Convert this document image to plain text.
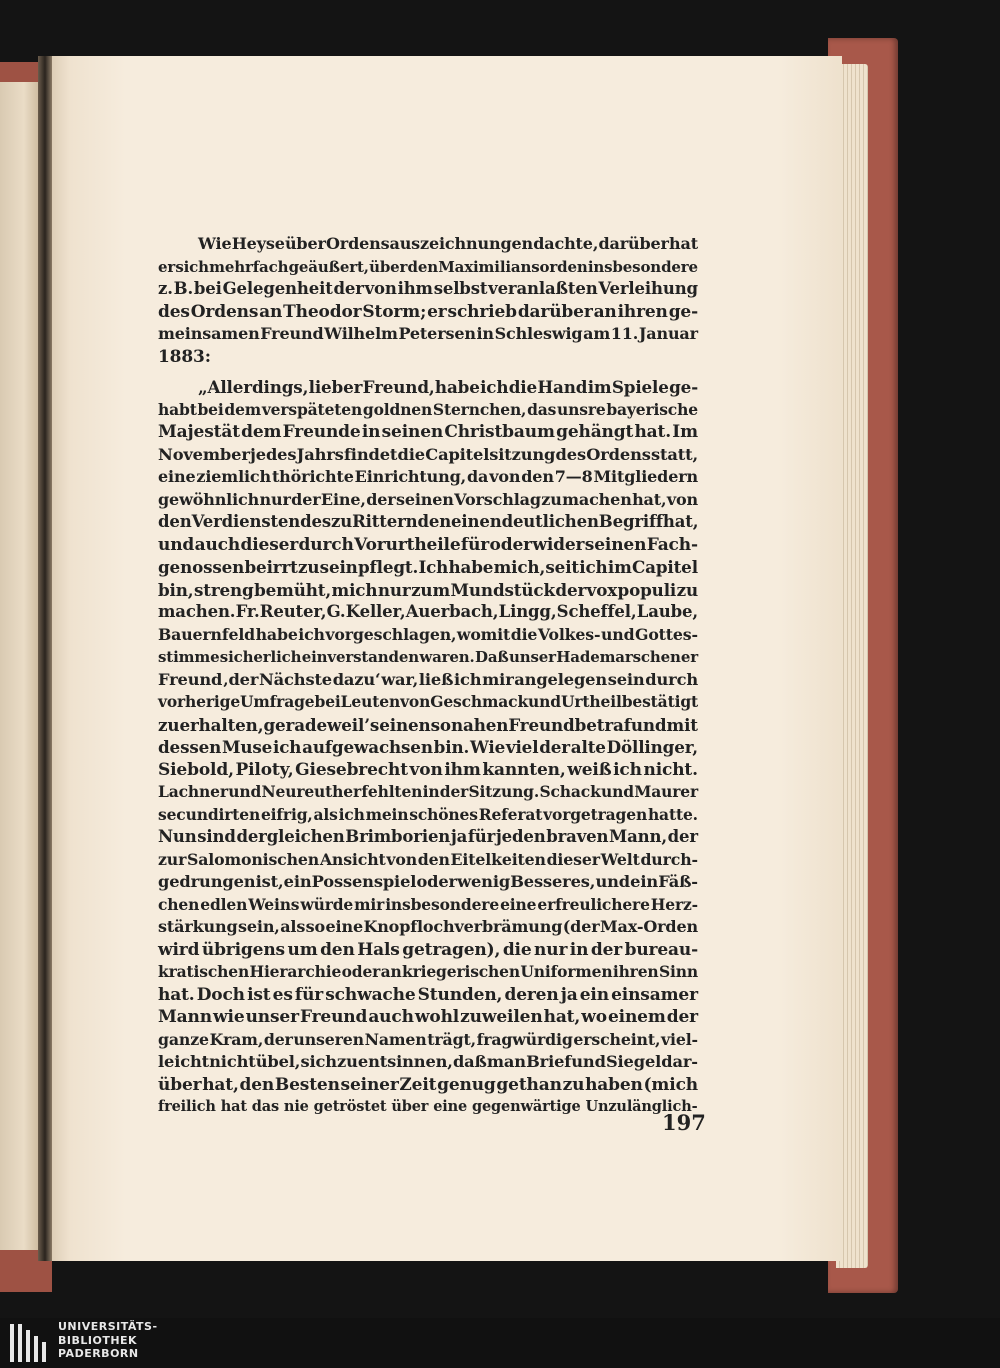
Wie Heyse über Ordensauszeichnungen dachte, darüber hat
er sich mehrfach geäußert, über den Maximiliansorden insbesondere
z. B. bei Gelegenheit der von ihm selbst veranlaßten Verleihung
des Ordens an Theodor Storm; er schrieb darüber an ihren ge-
meinsamen Freund Wilhelm Petersen in Schleswig am 11. Januar
1883:
„Allerdings, lieber Freund, habe ich die Hand im Spiele ge-
habt bei dem verspäteten goldnen Sternchen, das unsre bayerische
Majestät dem Freunde in seinen Christbaum gehängt hat. Im
November jedes Jahrs findet die Capitelsitzung des Ordens statt,
eine ziemlich thörichte Einrichtung, da von den 7—8 Mitgliedern
gewöhnlich nur der Eine, der seinen Vorschlag zu machen hat, von
den Verdiensten des zu Ritternden einen deutlichen Begriff hat,
und auch dieser durch Vorurtheile für oder wider seinen Fach-
genossen beirrt zu sein pflegt. Ich habe mich, seit ich im Capitel
bin, streng bemüht, mich nur zum Mundstück der vox populi zu
machen. Fr. Reuter, G. Keller, Auerbach, Lingg, Scheffel, Laube,
Bauernfeld habe ich vorgeschlagen, womit die Volkes- und Gottes-
stimme sicherlich einverstanden waren. Daß unser Hademarschener
Freund ‚der Nächste dazu‘ war, ließ ich mir angelegen sein durch
vorherige Umfrage bei Leuten von Geschmack und Urtheil bestätigt
zu erhalten, gerade weil’s einen so nahen Freund betraf und mit
dessen Muse ich aufgewachsen bin. Wie viel der alte Döllinger,
Siebold, Piloty, Giesebrecht von ihm kannten, weiß ich nicht.
Lachner und Neureuther fehlten in der Sitzung. Schack und Maurer
secundirten eifrig, als ich mein schönes Referat vorgetragen hatte.
Nun sind dergleichen Brimborien ja für jeden braven Mann, der
zur Salomonischen Ansicht von den Eitelkeiten dieser Welt durch-
gedrungen ist, ein Possenspiel oder wenig Besseres, und ein Fäß-
chen edlen Weins würde mir insbesondere eine erfreulichere Herz-
stärkung sein, als so eine Knopflochverbrämung (der Max-Orden
wird übrigens um den Hals getragen), die nur in der bureau-
kratischen Hierarchie oder an kriegerischen Uniformen ihren Sinn
hat. Doch ist es für schwache Stunden, deren ja ein einsamer
Mann wie unser Freund auch wohl zuweilen hat, wo einem der
ganze Kram, der unseren Namen trägt, fragwürdig erscheint, viel-
leicht nicht übel, sich zu entsinnen, daß man Brief und Siegel dar-
über hat, den Besten seiner Zeit genug gethan zu haben (mich
freilich hat das nie getröstet über eine gegenwärtige Unzulänglich-
197
UNIVERSITÄTS-
BIBLIOTHEK
PADERBORN
